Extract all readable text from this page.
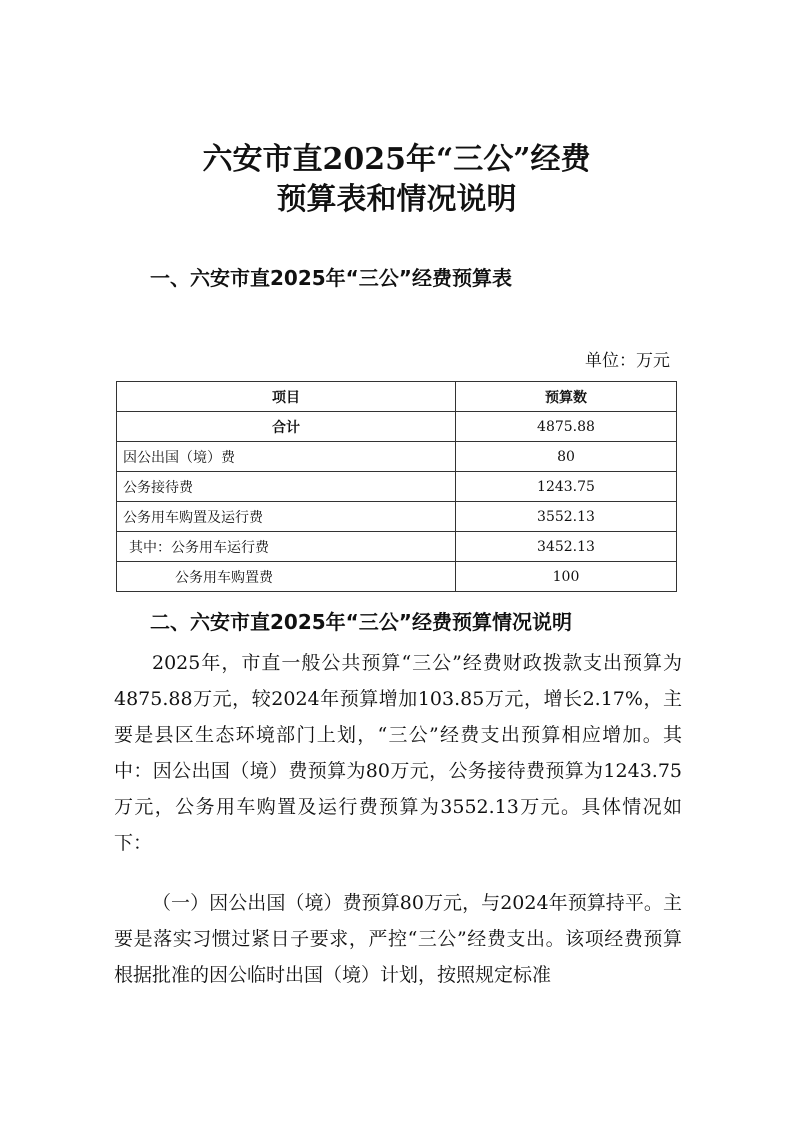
六安市直2025年“三公”经费
预算表和情况说明
一、六安市直2025年“三公”经费预算表
单位：万元
项目	预算数
合计	4875.88
因公出国（境）费	80
公务接待费	1243.75
公务用车购置及运行费	3552.13
其中：公务用车运行费	3452.13
公务用车购置费	100
二、六安市直2025年“三公”经费预算情况说明

2025年，市直一般公共预算“三公”经费财政拨款支出预算为4875.88万元，较2024年预算增加103.85万元，增长2.17%，主要是县区生态环境部门上划，“三公”经费支出预算相应增加。其中：因公出国（境）费预算为80万元，公务接待费预算为1243.75万元，公务用车购置及运行费预算为3552.13万元。具体情况如下：

（一）因公出国（境）费预算80万元，与2024年预算持平。主要是落实习惯过紧日子要求，严控“三公”经费支出。该项经费预算根据批准的因公临时出国（境）计划，按照规定标准
